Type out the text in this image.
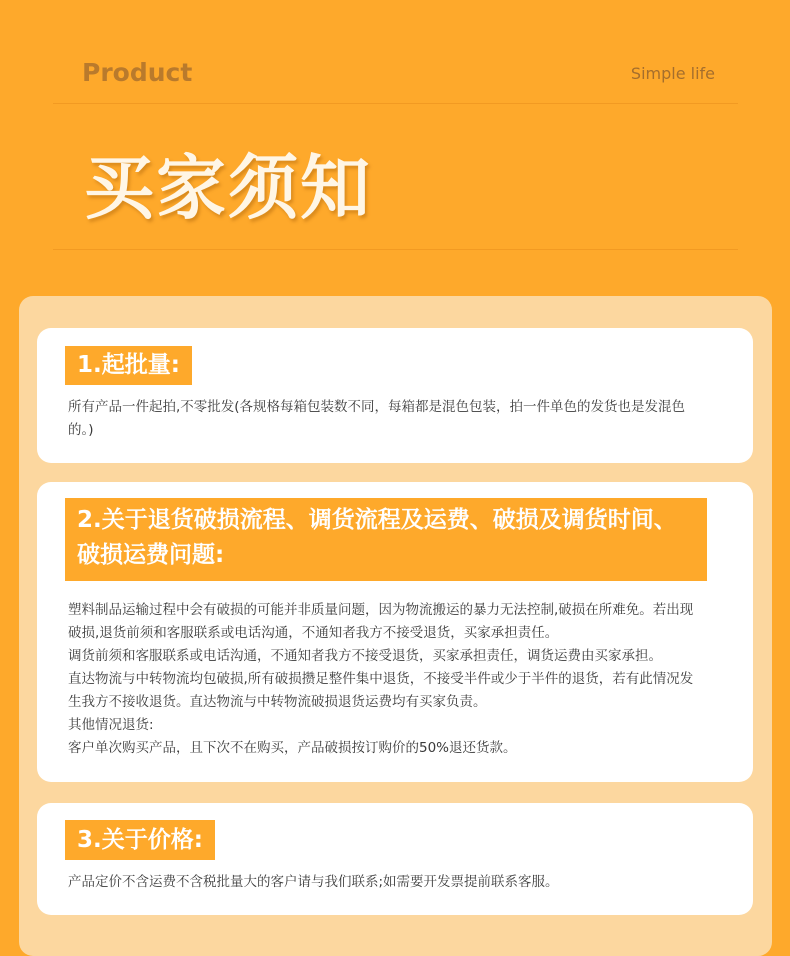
Product	Simple life
买家须知
1.起批量:

所有产品一件起拍,不零批发(各规格每箱包装数不同，每箱都是混色包装，拍一件单色的发货也是发混色的。)

2.关于退货破损流程、调货流程及运费、破损及调货时间、破损运费问题:

塑料制品运输过程中会有破损的可能并非质量问题，因为物流搬运的暴力无法控制,破损在所难免。若出现破损,退货前须和客服联系或电话沟通，不通知者我方不接受退货，买家承担责任。

调货前须和客服联系或电话沟通，不通知者我方不接受退货，买家承担责任，调货运费由买家承担。

直达物流与中转物流均包破损,所有破损攒足整件集中退货，不接受半件或少于半件的退货，若有此情况发生我方不接收退货。直达物流与中转物流破损退货运费均有买家负责。

其他情况退货:

客户单次购买产品，且下次不在购买，产品破损按订购价的50%退还货款。

3.关于价格:

产品定价不含运费不含税批量大的客户请与我们联系;如需要开发票提前联系客服。
